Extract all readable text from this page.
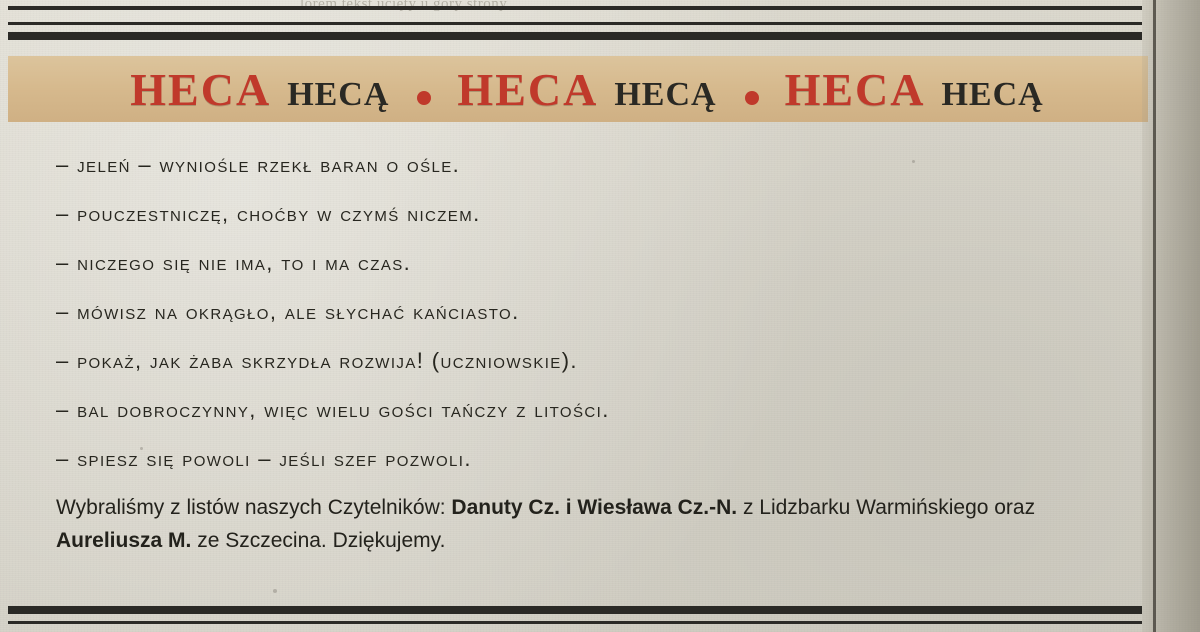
HECA HECĄ HECA HECĄ HECA HECĄ

– jeleń – wyniośle rzekł baran o ośle.

– pouczestniczę, choćby w czymś niczem.

– niczego się nie ima, to i ma czas.

– mówisz na okrągło, ale słychać kańciasto.

– pokaż, jak żaba skrzydła rozwija! (uczniowskie).

– bal dobroczynny, więc wielu gości tańczy z litości.

– spiesz się powoli – jeśli szef pozwoli.

Wybraliśmy z listów naszych Czytelników: Danuty Cz. i Wiesława Cz.-N. z Lidzbarku Warmińskiego oraz Aureliusza M. ze Szczecina. Dziękujemy.
